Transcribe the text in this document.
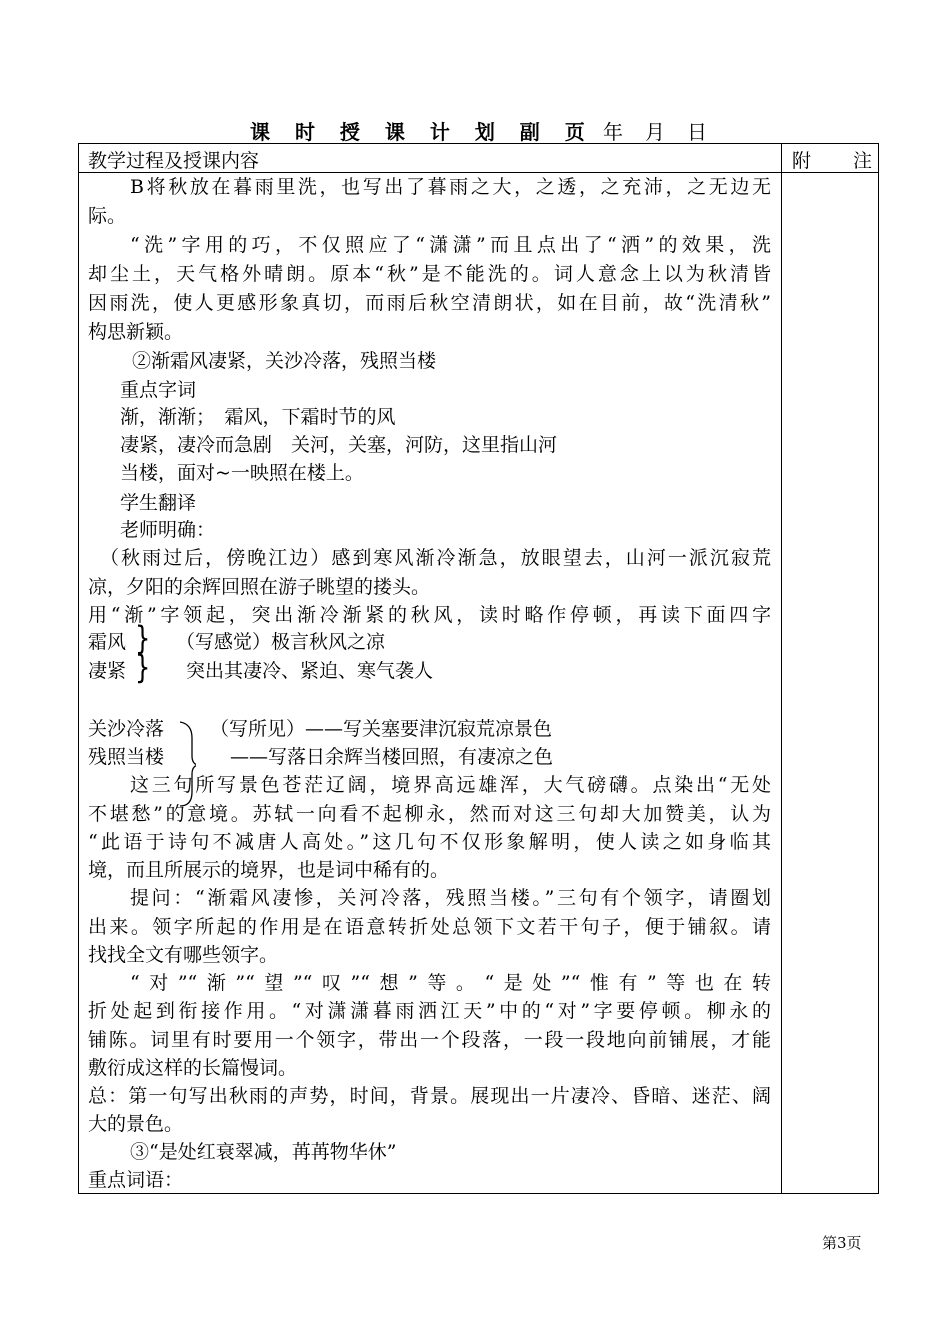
课 时 授 课 计 划 副 页 年 月 日
教学过程及授课内容	附 注
B将秋放在暮雨里洗，也写出了暮雨之大，之透，之充沛，之无边无
际。
“洗”字用的巧，不仅照应了“潇潇”而且点出了“洒”的效果，洗
却尘土，天气格外晴朗。原本“秋”是不能洗的。词人意念上以为秋清皆
因雨洗，使人更感形象真切，而雨后秋空清朗状，如在目前，故“洗清秋”
构思新颖。
②渐霜风凄紧，关沙冷落，残照当楼
重点字词
渐，渐渐；　霜风，下霜时节的风
凄紧，凄冷而急剧　关河，关塞，河防，这里指山河
当楼，面对~一映照在楼上。
学生翻译
老师明确：
（秋雨过后，傍晚江边）感到寒风渐冷渐急，放眼望去，山河一派沉寂荒
凉，夕阳的余辉回照在游子眺望的搂头。
用“渐”字领起，突出渐冷渐紧的秋风，读时略作停顿，再读下面四字
霜风 } （写感觉）极言秋风之凉
凄紧 } 突出其凄冷、紧迫、寒气袭人
关沙冷落 （写所见）——写关塞要津沉寂荒凉景色
残照当楼	——写落日余辉当楼回照，有凄凉之色
这三句所写景色苍茫辽阔，境界高远雄浑，大气磅礴。点染出“无处
不堪愁”的意境。苏轼一向看不起柳永，然而对这三句却大加赞美，认为
“此语于诗句不减唐人高处。”这几句不仅形象解明，使人读之如身临其
境，而且所展示的境界，也是词中稀有的。
提问：“渐霜风凄惨，关河冷落，残照当楼。”三句有个领字，请圈划
出来。领字所起的作用是在语意转折处总领下文若干句子，便于铺叙。请
找找全文有哪些领字。
“对”“渐”“望”“叹”“想”等。“是处”“惟有”等也在转
折处起到衔接作用。“对潇潇暮雨洒江天”中的“对”字要停顿。柳永的
铺陈。词里有时要用一个领字，带出一个段落，一段一段地向前铺展，才能
敷衍成这样的长篇慢词。
总：第一句写出秋雨的声势，时间，背景。展现出一片凄冷、昏暗、迷茫、阔
大的景色。
③“是处红衰翠减，苒苒物华休”
重点词语：
第3页
